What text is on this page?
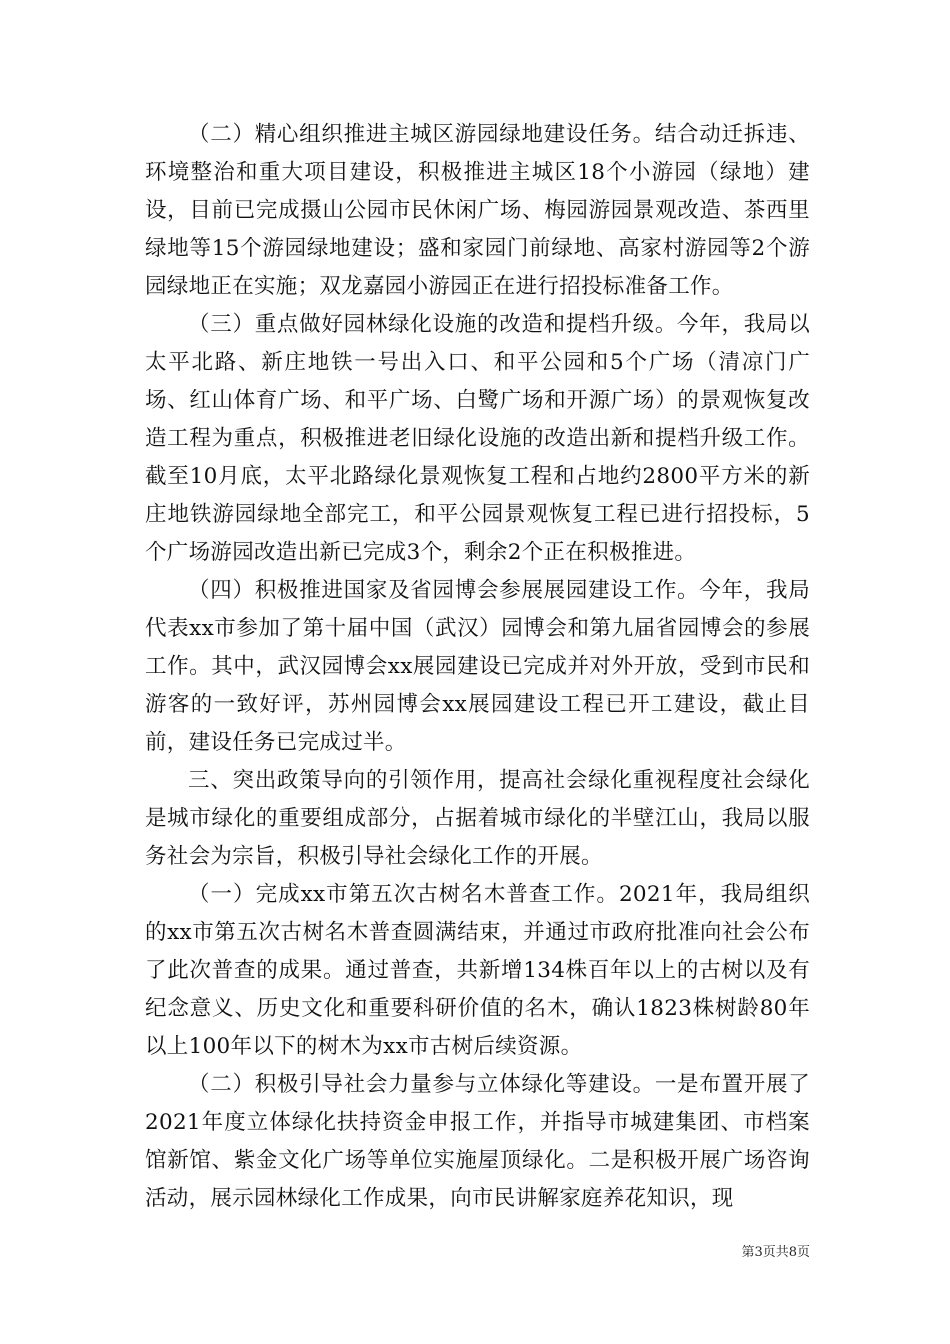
（二）精心组织推进主城区游园绿地建设任务。结合动迁拆违、环境整治和重大项目建设，积极推进主城区18个小游园（绿地）建设，目前已完成摄山公园市民休闲广场、梅园游园景观改造、茶西里绿地等15个游园绿地建设；盛和家园门前绿地、高家村游园等2个游园绿地正在实施；双龙嘉园小游园正在进行招投标准备工作。

（三）重点做好园林绿化设施的改造和提档升级。今年，我局以太平北路、新庄地铁一号出入口、和平公园和5个广场（清凉门广场、红山体育广场、和平广场、白鹭广场和开源广场）的景观恢复改造工程为重点，积极推进老旧绿化设施的改造出新和提档升级工作。截至10月底，太平北路绿化景观恢复工程和占地约2800平方米的新庄地铁游园绿地全部完工，和平公园景观恢复工程已进行招投标，5个广场游园改造出新已完成3个，剩余2个正在积极推进。

（四）积极推进国家及省园博会参展展园建设工作。今年，我局代表xx市参加了第十届中国（武汉）园博会和第九届省园博会的参展工作。其中，武汉园博会xx展园建设已完成并对外开放，受到市民和游客的一致好评，苏州园博会xx展园建设工程已开工建设，截止目前，建设任务已完成过半。

三、突出政策导向的引领作用，提高社会绿化重视程度社会绿化是城市绿化的重要组成部分，占据着城市绿化的半壁江山，我局以服务社会为宗旨，积极引导社会绿化工作的开展。

（一）完成xx市第五次古树名木普查工作。2021年，我局组织的xx市第五次古树名木普查圆满结束，并通过市政府批准向社会公布了此次普查的成果。通过普查，共新增134株百年以上的古树以及有纪念意义、历史文化和重要科研价值的名木，确认1823株树龄80年以上100年以下的树木为xx市古树后续资源。

（二）积极引导社会力量参与立体绿化等建设。一是布置开展了2021年度立体绿化扶持资金申报工作，并指导市城建集团、市档案馆新馆、紫金文化广场等单位实施屋顶绿化。二是积极开展广场咨询活动，展示园林绿化工作成果，向市民讲解家庭养花知识，现

第3页共8页
